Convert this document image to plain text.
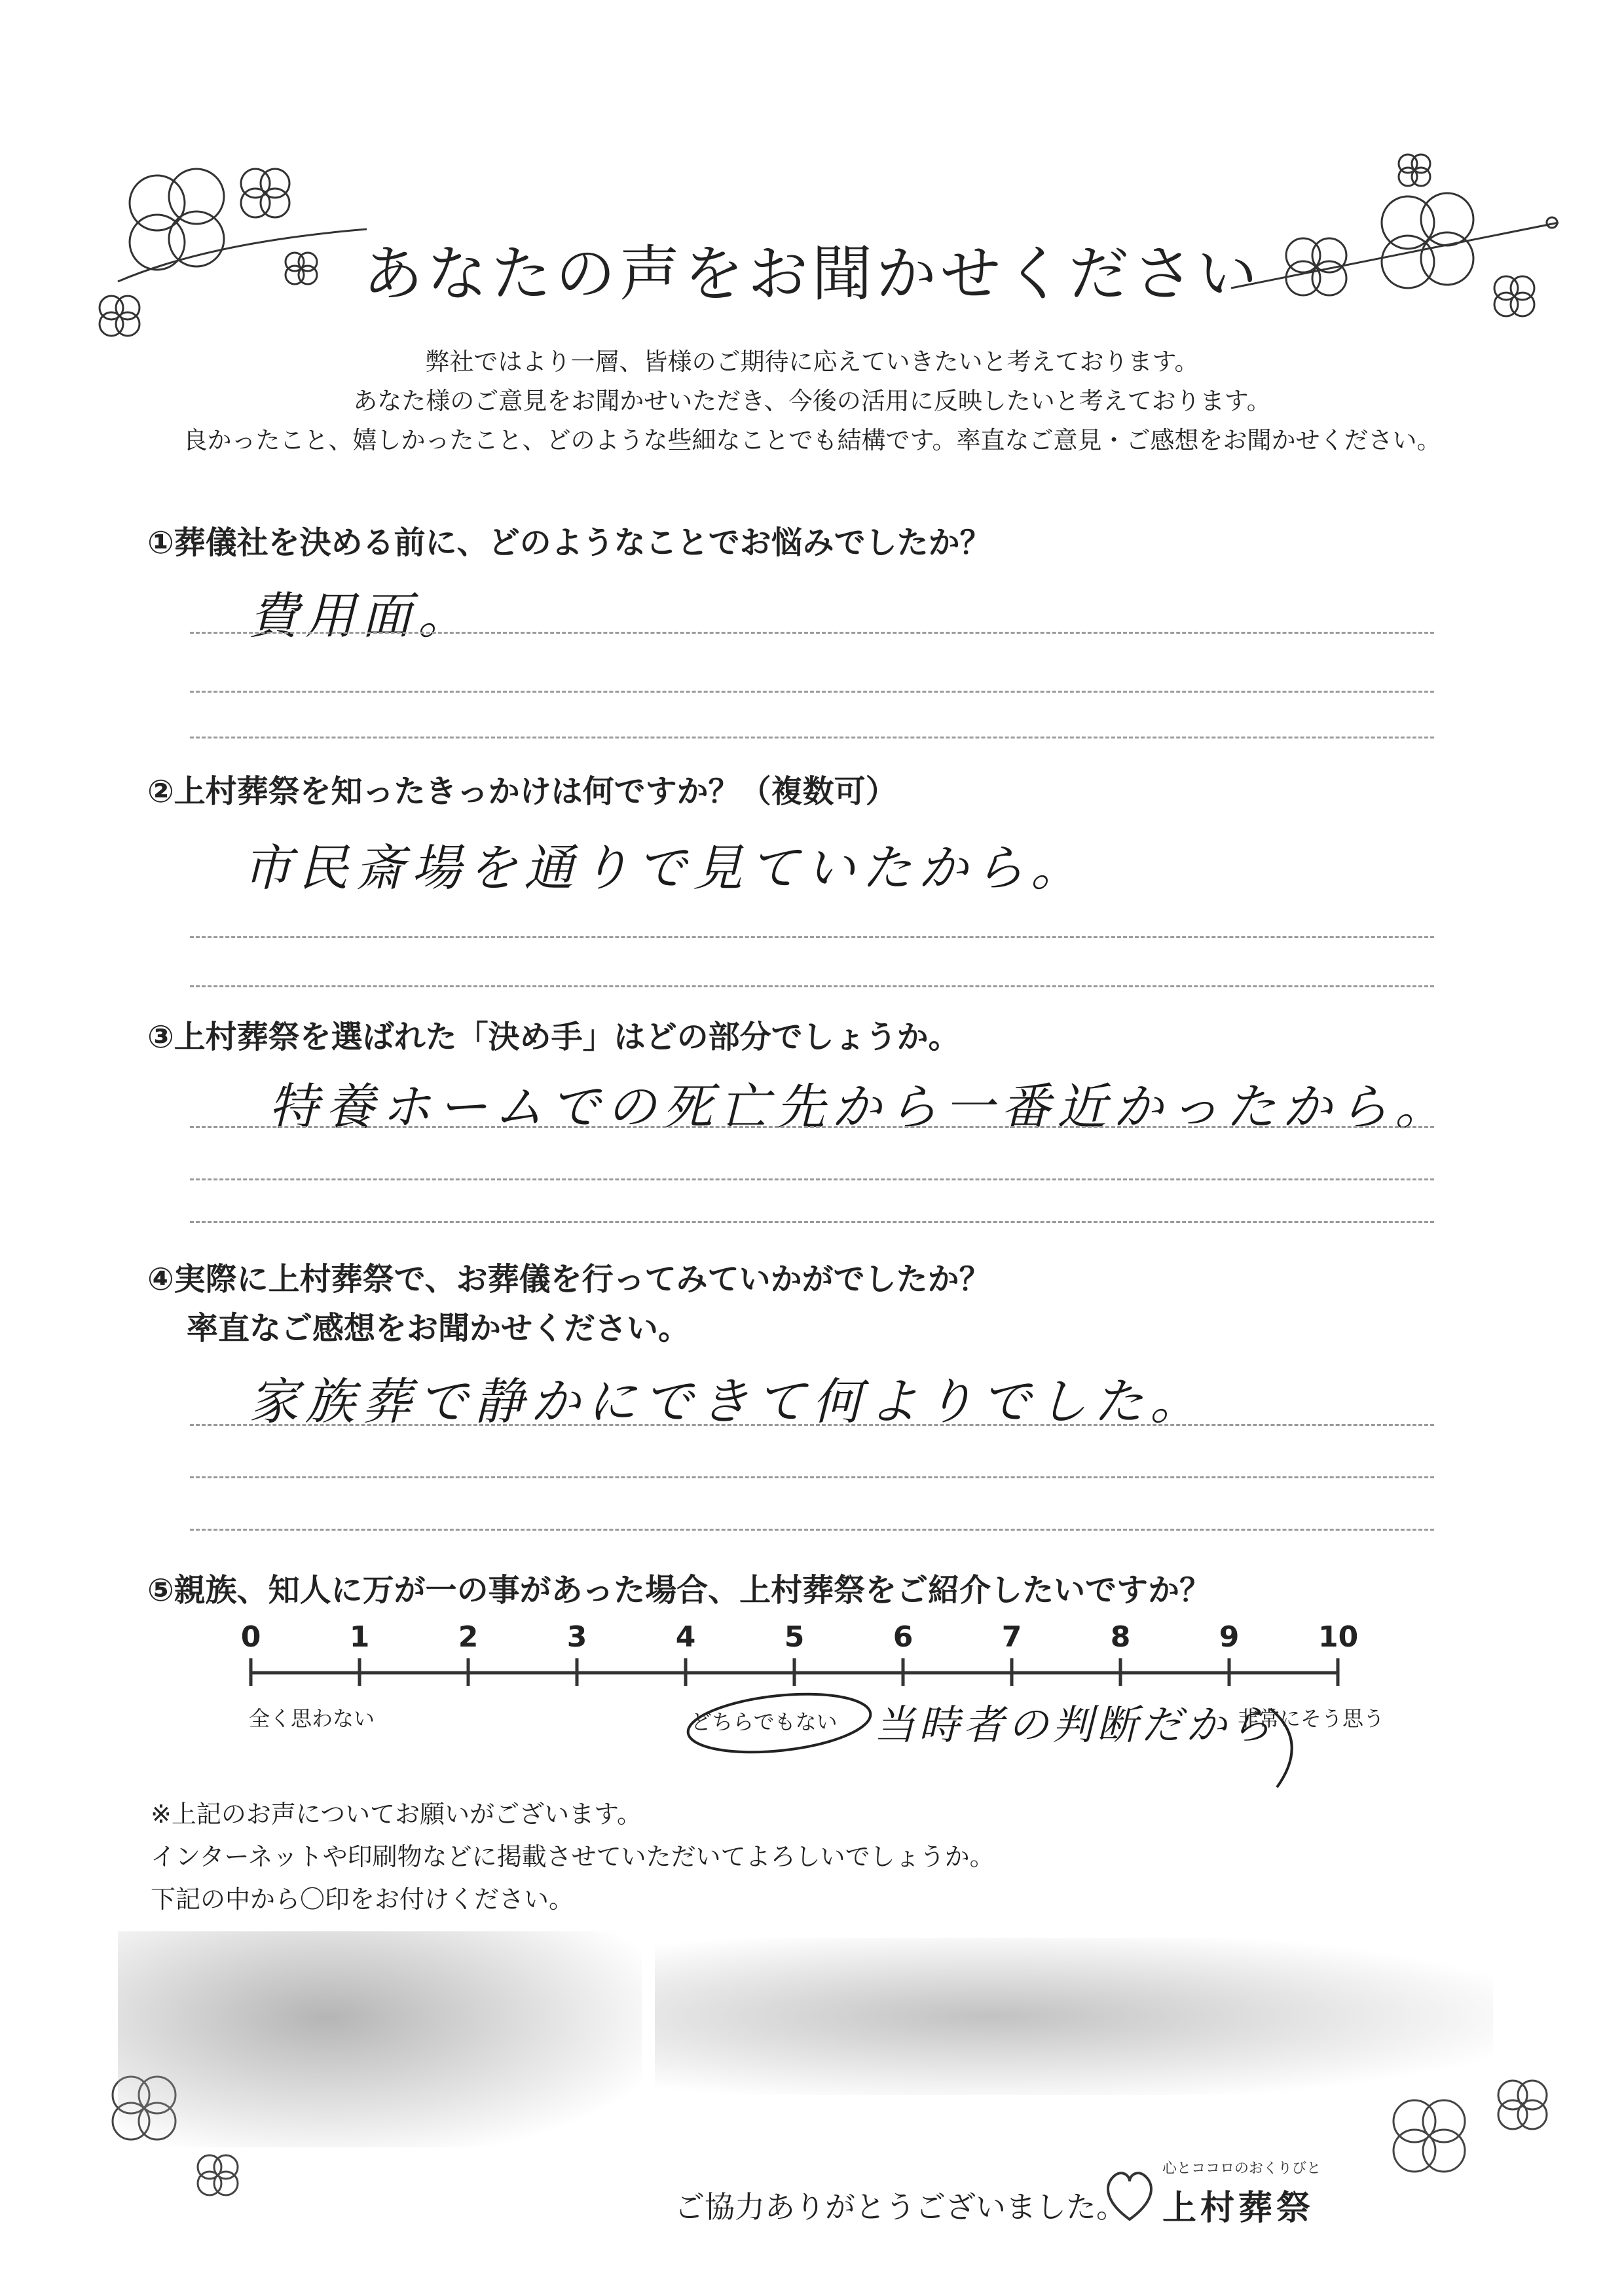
あなたの声をお聞かせください
弊社ではより一層、皆様のご期待に応えていきたいと考えております。
あなた様のご意見をお聞かせいただき、今後の活用に反映したいと考えております。
良かったこと、嬉しかったこと、どのような些細なことでも結構です。率直なご意見・ご感想をお聞かせください。
①葬儀社を決める前に、どのようなことでお悩みでしたか？
費用面。
②上村葬祭を知ったきっかけは何ですか？（複数可）
市民斎場を通りで見ていたから。
③上村葬祭を選ばれた「決め手」はどの部分でしょうか。
特養ホームでの死亡先から一番近かったから。
④実際に上村葬祭で、お葬儀を行ってみていかがでしたか？
率直なご感想をお聞かせください。
家族葬で静かにできて何よりでした。
⑤親族、知人に万が一の事があった場合、上村葬祭をご紹介したいですか？
0	1	2	3	4	5	6	7	8	9	10
全く思わない	どちらでもない	非常にそう思う
当時者の判断だから
※上記のお声についてお願いがございます。
インターネットや印刷物などに掲載させていただいてよろしいでしょうか。
下記の中から〇印をお付けください。
ご協力ありがとうございました。
心とココロのおくりびと
上村葬祭
